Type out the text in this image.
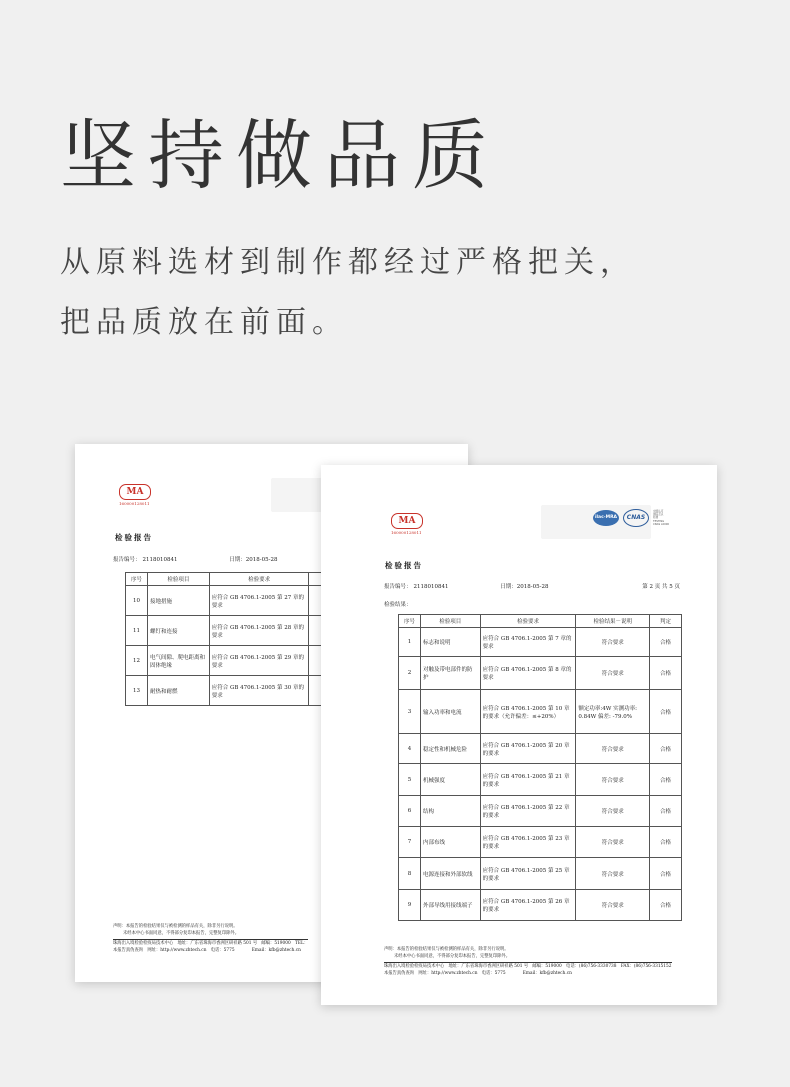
坚持做品质
从原料选材到制作都经过严格把关，
把品质放在前面。
MA
160000128011
检验报告
报告编号： 2118010841	日期：2018-05-28
序号	检验项目	检验要求	
10	接地措施	应符合 GB 4706.1-2005 第 27 章的要求	
11	螺钉和连接	应符合 GB 4706.1-2005 第 28 章的要求	
12	电气间隙、爬电距离和固体绝缘	应符合 GB 4706.1-2005 第 29 章的要求	
13	耐热和耐燃	应符合 GB 4706.1-2005 第 30 章的要求	
声明：本报告的检验结果仅与被检测的样品有关，除非另行说明。
未经本中心书面同意，不得部分复印本报告，完整复印除外。
珠海出入境检验检疫局技术中心　地址：广东省珠海市香洲区研祥路 501 号　邮编：519000　TEL：
本报告真伪查询　网址：http://www.zhtech.cn　电话：5775　　　　Email：kfb@zhtech.cn
MA
160000128011
ilac-MRA	CNAS
中国认可
国际互认
检测
TESTING
CNAS L0000
检验报告
报告编号： 2118010841	日期：2018-05-28	第 2 页 共 5 页
检验结果：
序号	检验项目	检验要求	检验结果－说明	判定
1	标志和说明	应符合 GB 4706.1-2005 第 7 章的要求	符合要求	合格
2	对触及带电部件的防护	应符合 GB 4706.1-2005 第 8 章的要求	符合要求	合格
3	输入功率和电流	应符合 GB 4706.1-2005 第 10 章的要求（允许偏差：≤+20%）	额定功率:4W 实测功率: 0.84W 偏差: -79.0%	合格
4	稳定性和机械危险	应符合 GB 4706.1-2005 第 20 章的要求	符合要求	合格
5	机械强度	应符合 GB 4706.1-2005 第 21 章的要求	符合要求	合格
6	结构	应符合 GB 4706.1-2005 第 22 章的要求	符合要求	合格
7	内部布线	应符合 GB 4706.1-2005 第 23 章的要求	符合要求	合格
8	电源连接和外部软线	应符合 GB 4706.1-2005 第 25 章的要求	符合要求	合格
9	外部导线用接线端子	应符合 GB 4706.1-2005 第 26 章的要求	符合要求	合格
声明：本报告的检验结果仅与被检测的样品有关，除非另行说明。
未经本中心书面同意，不得部分复印本报告，完整复印除外。
珠海出入境检验检疫局技术中心　地址：广东省珠海市香洲区研祥路 501 号　邮编：519000　电话：(86)756-3330738　FAX：(86)756-3315152
本报告真伪查询　网址：http://www.zhtech.cn　电话：5775　　　　Email：kfb@zhtech.cn
